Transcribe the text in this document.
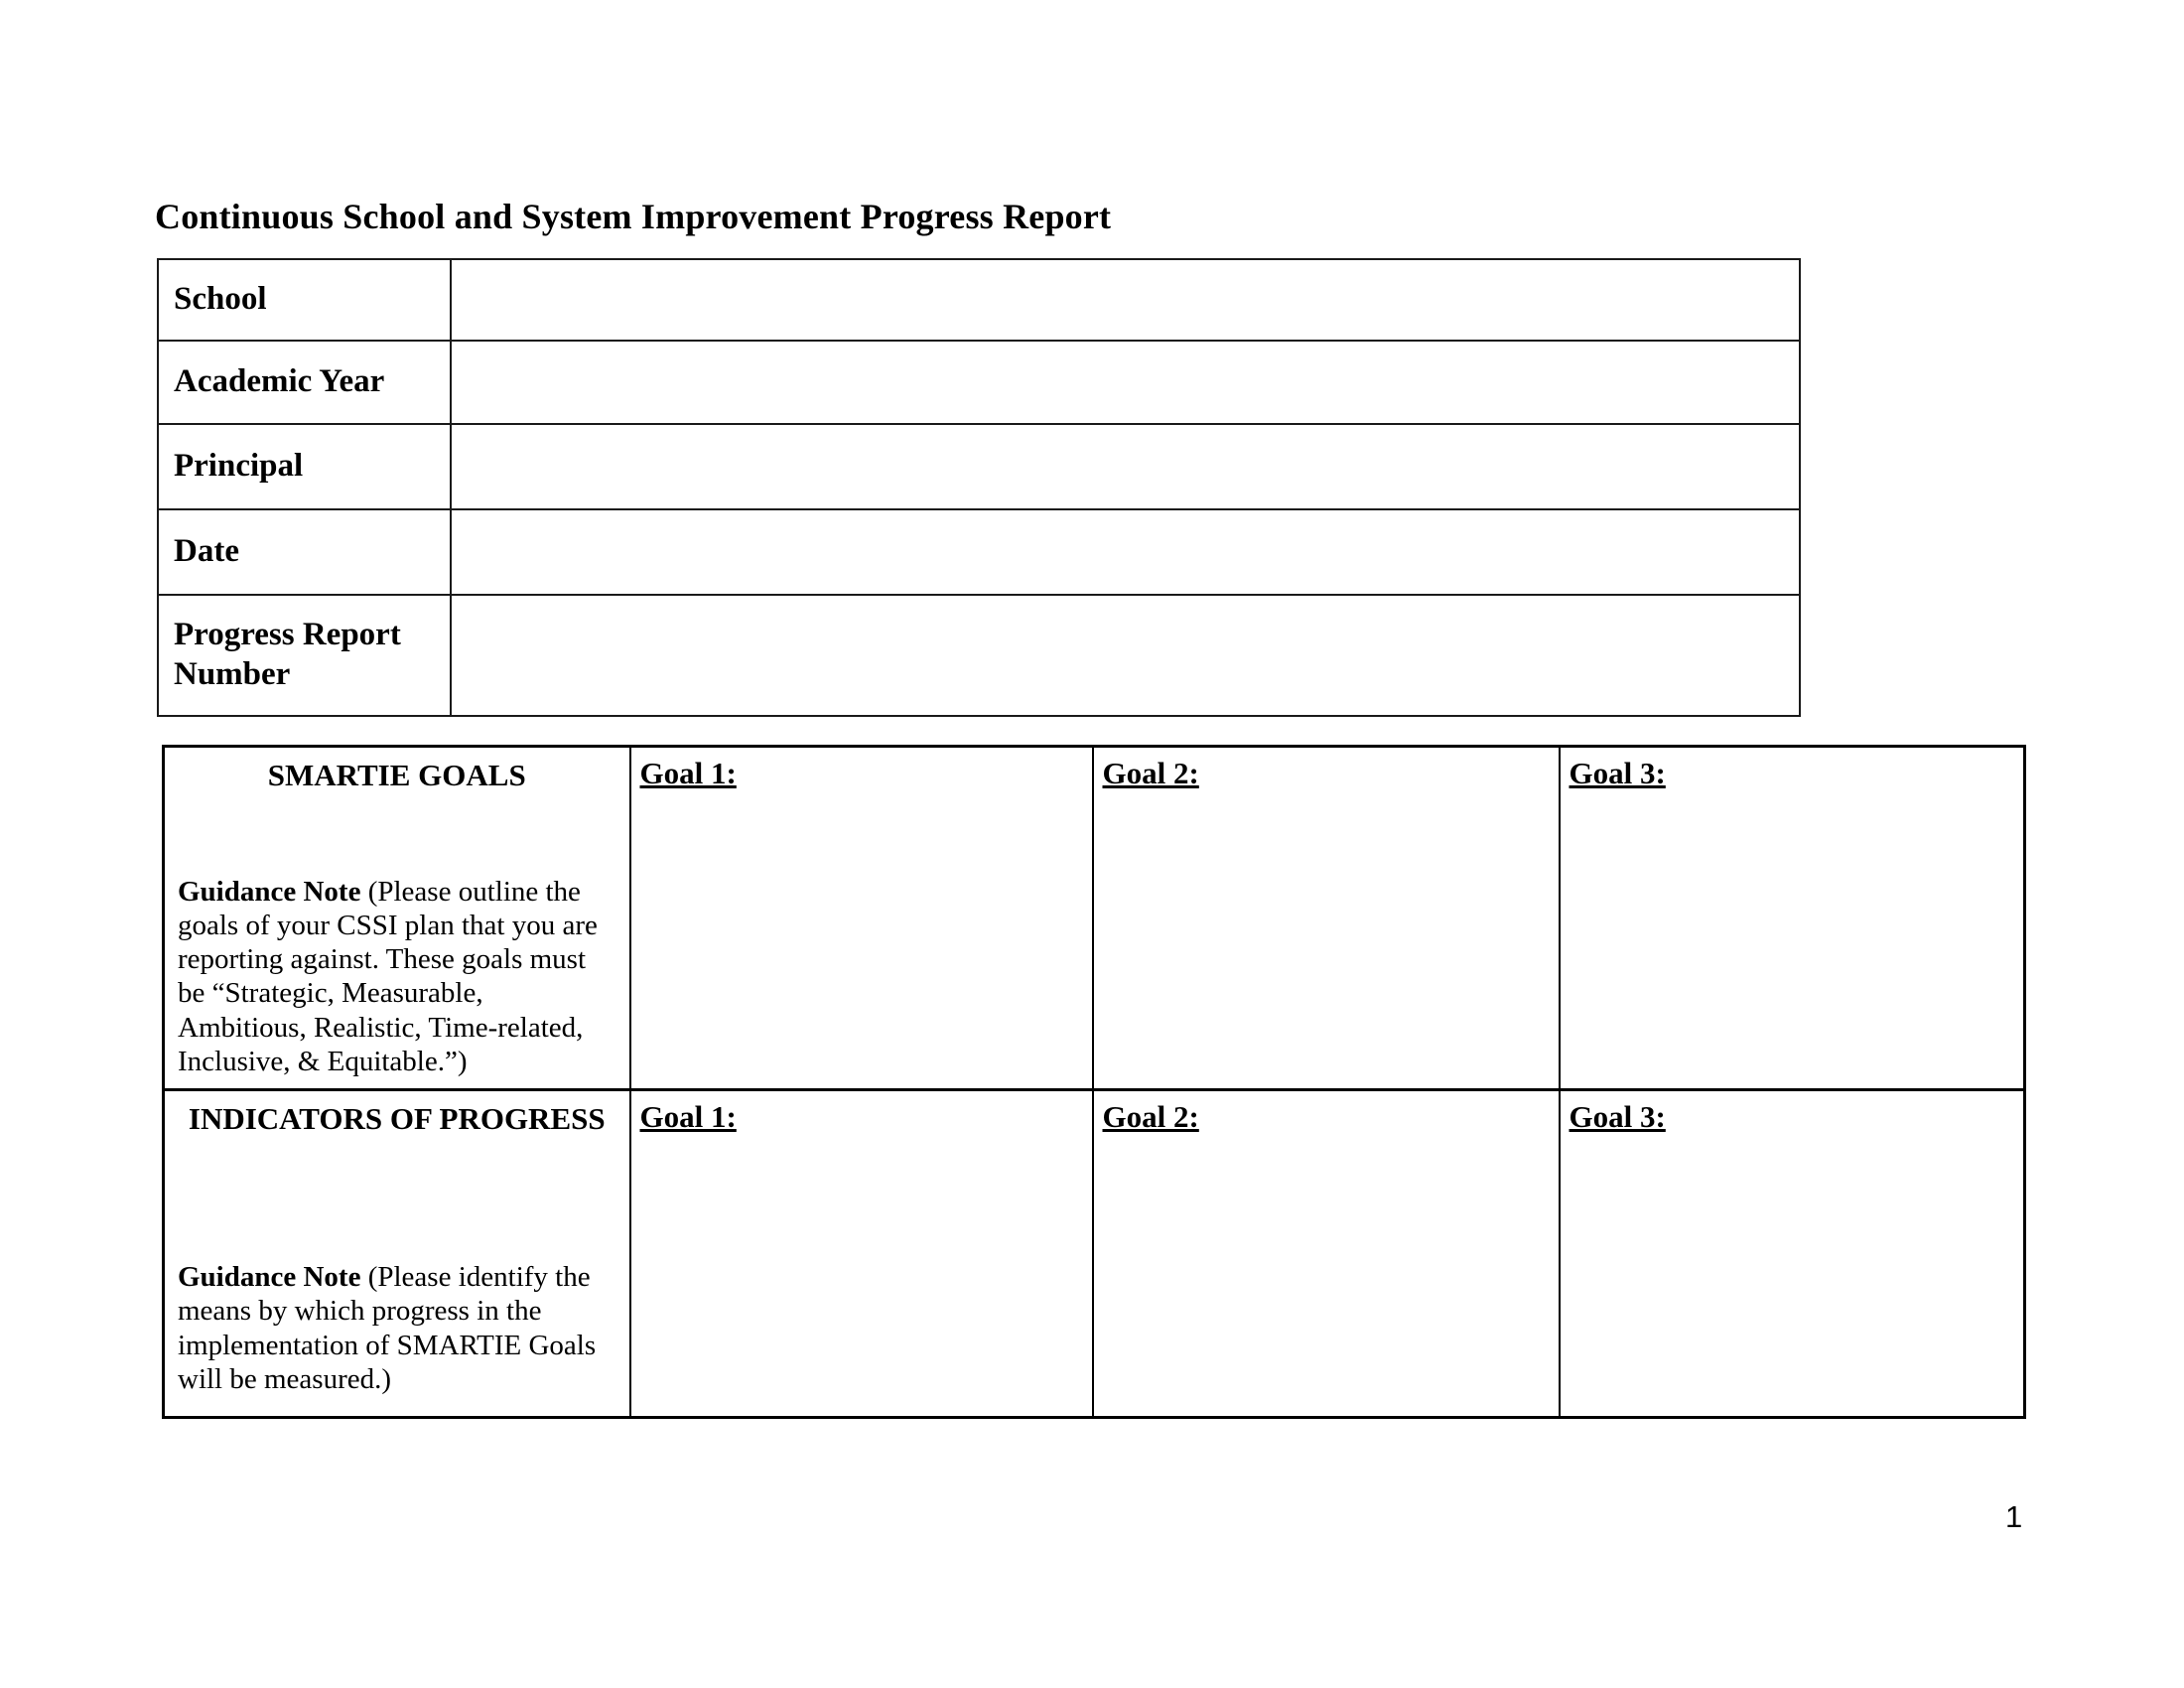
Continuous School and System Improvement Progress Report
School	
Academic Year	
Principal	
Date	
Progress Report Number	
SMARTIE GOALS

Guidance Note (Please outline the goals of your CSSI plan that you are reporting against. These goals must be “Strategic, Measurable, Ambitious, Realistic, Time-related, Inclusive, & Equitable.”)	Goal 1:	Goal 2:	Goal 3:

INDICATORS OF PROGRESS

Guidance Note (Please identify the means by which progress in the implementation of SMARTIE Goals will be measured.)	Goal 1:	Goal 2:	Goal 3:
1
